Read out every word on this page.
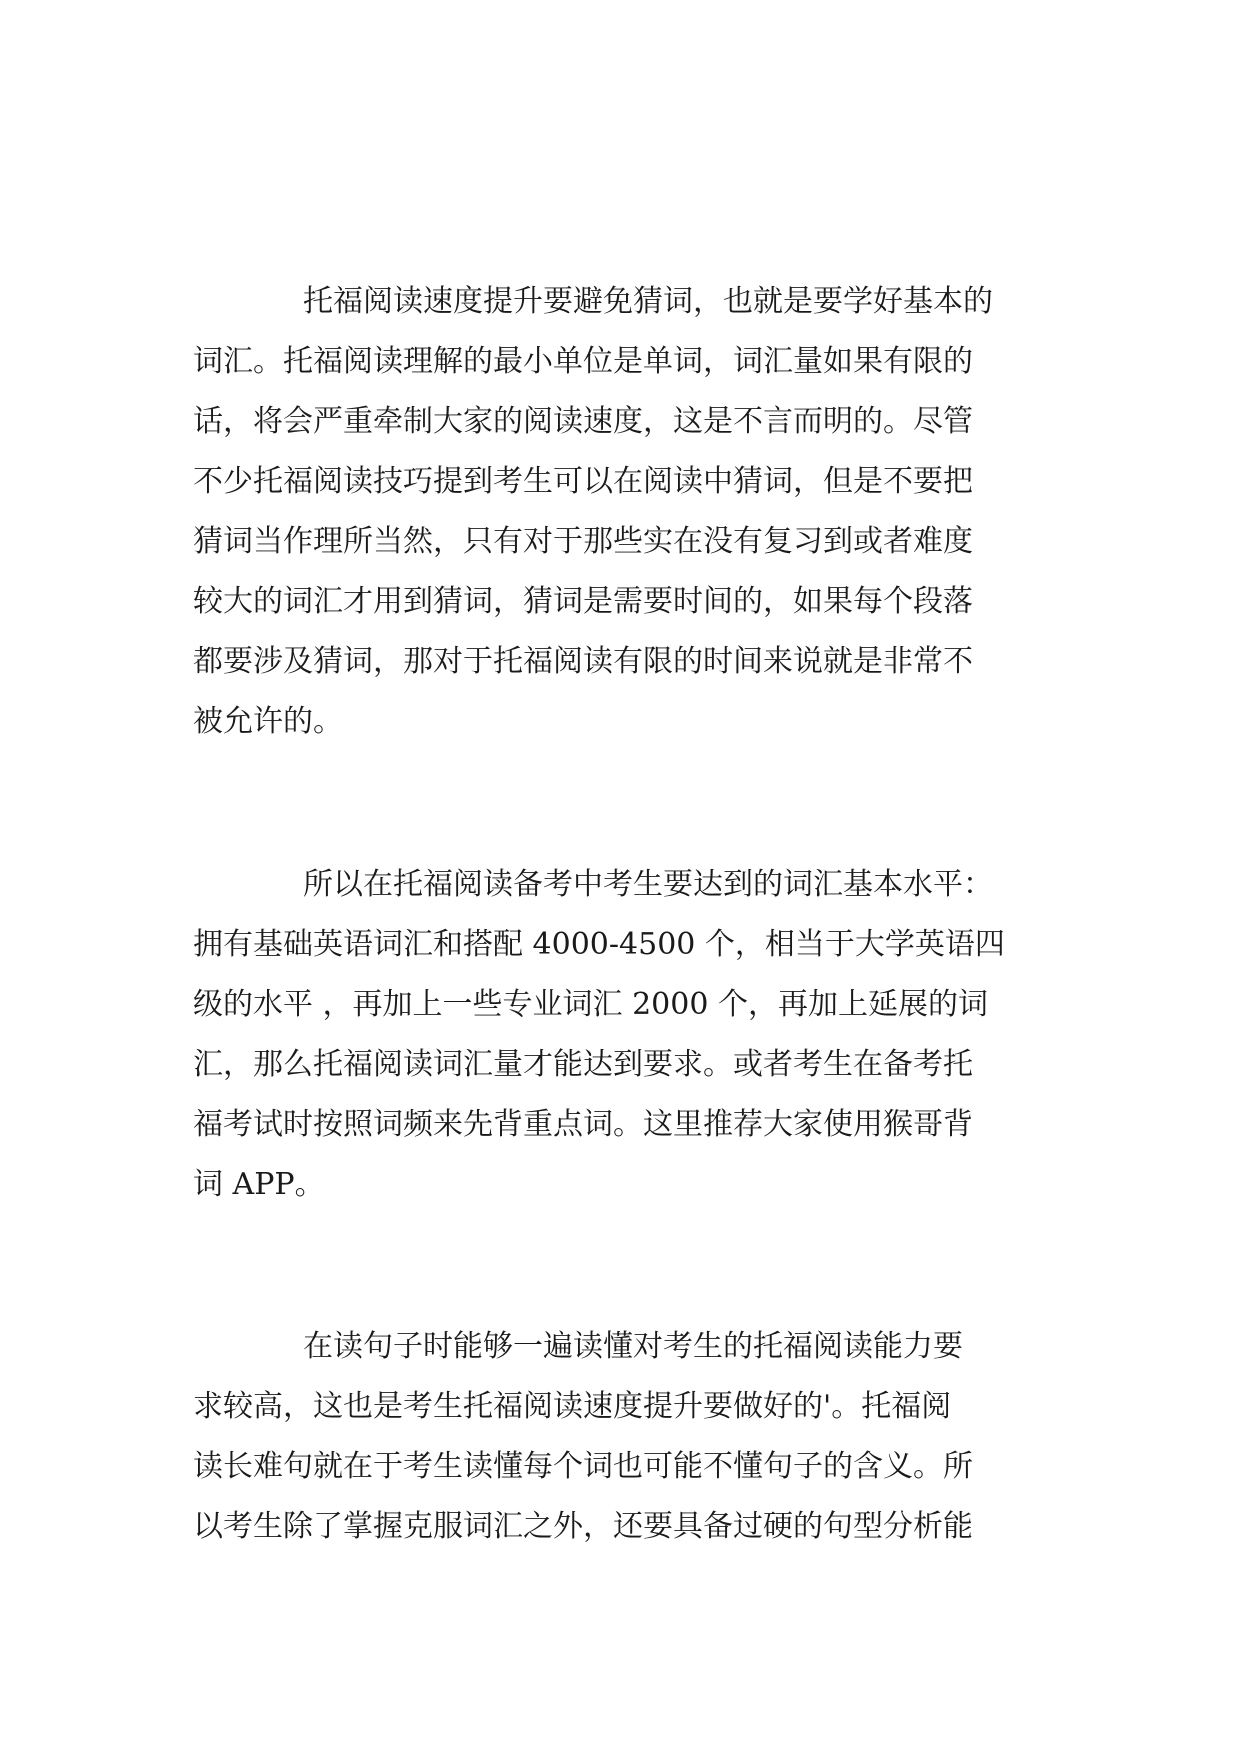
托福阅读速度提升要避免猜词，也就是要学好基本的
词汇。托福阅读理解的最小单位是单词，词汇量如果有限的
话，将会严重牵制大家的阅读速度，这是不言而明的。尽管
不少托福阅读技巧提到考生可以在阅读中猜词，但是不要把
猜词当作理所当然，只有对于那些实在没有复习到或者难度
较大的词汇才用到猜词，猜词是需要时间的，如果每个段落
都要涉及猜词，那对于托福阅读有限的时间来说就是非常不
被允许的。
所以在托福阅读备考中考生要达到的词汇基本水平：
拥有基础英语词汇和搭配 4000-4500 个，相当于大学英语四
级的水平 ，再加上一些专业词汇 2000 个，再加上延展的词
汇，那么托福阅读词汇量才能达到要求。或者考生在备考托
福考试时按照词频来先背重点词。这里推荐大家使用猴哥背
词 APP。
在读句子时能够一遍读懂对考生的托福阅读能力要
求较高，这也是考生托福阅读速度提升要做好的'。托福阅
读长难句就在于考生读懂每个词也可能不懂句子的含义。所
以考生除了掌握克服词汇之外，还要具备过硬的句型分析能
